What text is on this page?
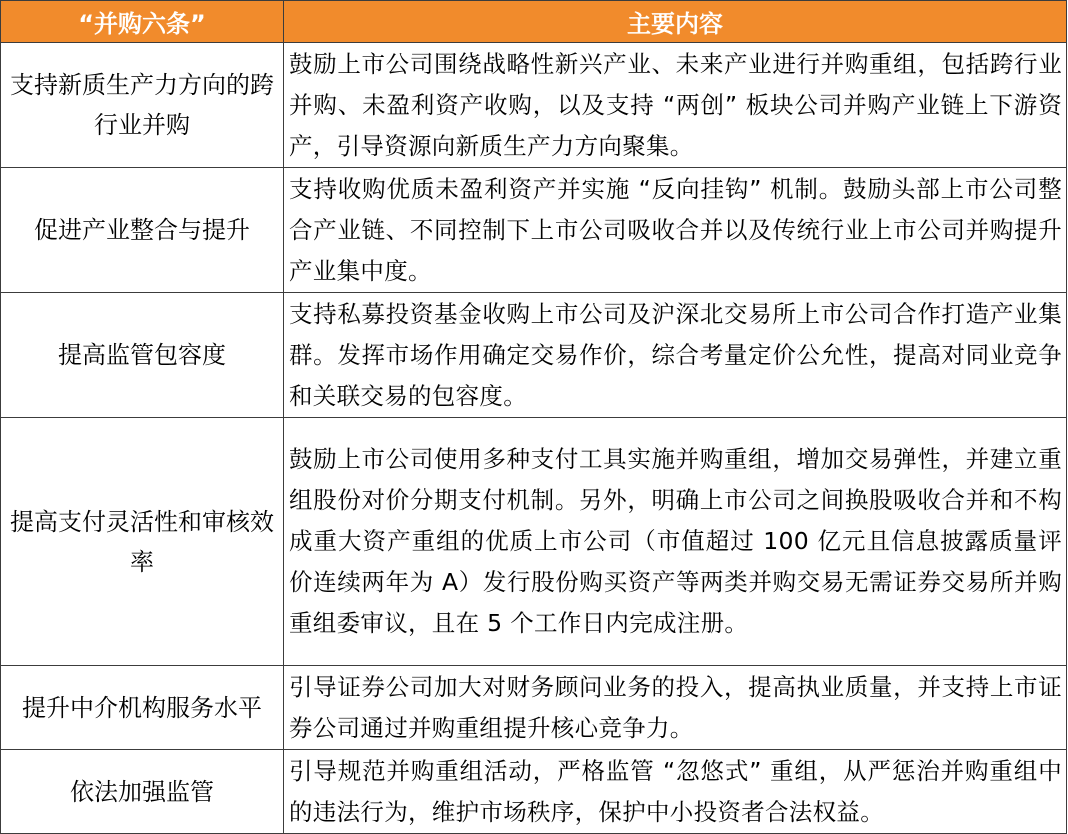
“并购六条”	主要内容
支持新质生产力方向的跨行业并购	鼓励上市公司围绕战略性新兴产业、未来产业进行并购重组，包括跨行业并购、未盈利资产收购，以及支持 “两创” 板块公司并购产业链上下游资产，引导资源向新质生产力方向聚集。
促进产业整合与提升	支持收购优质未盈利资产并实施 “反向挂钩” 机制。鼓励头部上市公司整合产业链、不同控制下上市公司吸收合并以及传统行业上市公司并购提升产业集中度。
提高监管包容度	支持私募投资基金收购上市公司及沪深北交易所上市公司合作打造产业集群。发挥市场作用确定交易作价，综合考量定价公允性，提高对同业竞争和关联交易的包容度。
提高支付灵活性和审核效率	鼓励上市公司使用多种支付工具实施并购重组，增加交易弹性，并建立重组股份对价分期支付机制。另外，明确上市公司之间换股吸收合并和不构成重大资产重组的优质上市公司（市值超过 100 亿元且信息披露质量评价连续两年为 A）发行股份购买资产等两类并购交易无需证券交易所并购重组委审议，且在 5 个工作日内完成注册。
提升中介机构服务水平	引导证券公司加大对财务顾问业务的投入，提高执业质量，并支持上市证券公司通过并购重组提升核心竞争力。
依法加强监管	引导规范并购重组活动，严格监管 “忽悠式” 重组，从严惩治并购重组中的违法行为，维护市场秩序，保护中小投资者合法权益。
